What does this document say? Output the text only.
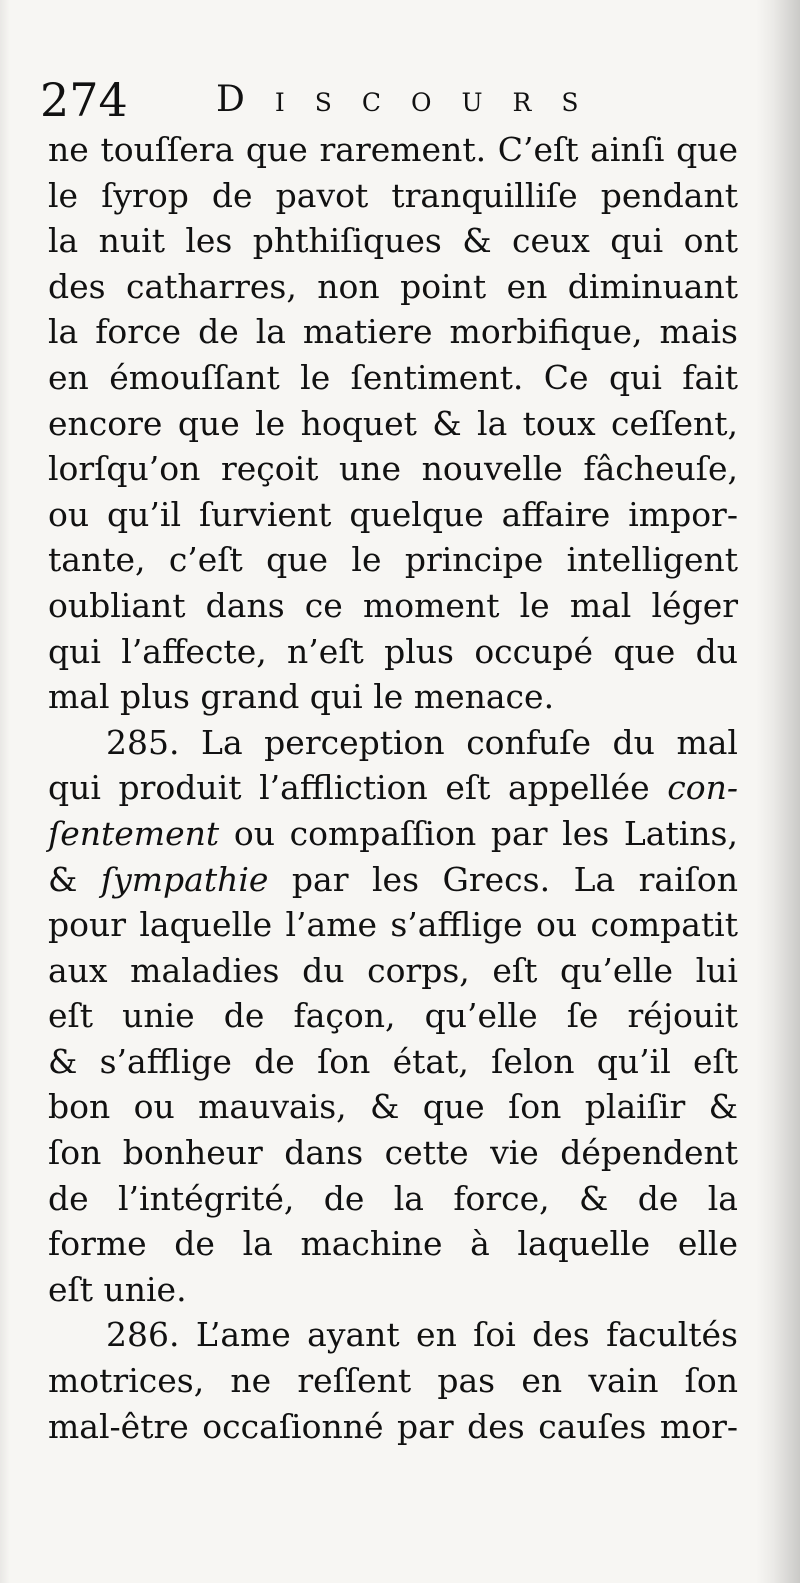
274 Discours
ne touſſera que rarement. C’eſt ainſi que
le ſyrop de pavot tranquilliſe pendant
la nuit les phthiſiques & ceux qui ont
des catharres, non point en diminuant
la force de la matiere morbifique, mais
en émouſſant le ſentiment. Ce qui fait
encore que le hoquet & la toux ceſſent,
lorſqu’on reçoit une nouvelle fâcheuſe,
ou qu’il ſurvient quelque affaire impor-
tante, c’eſt que le principe intelligent
oubliant dans ce moment le mal léger
qui l’affecte, n’eſt plus occupé que du
mal plus grand qui le menace.
285. La perception confuſe du mal
qui produit l’affliction eſt appellée con-
ſentement ou compaſſion par les Latins,
& ſympathie par les Grecs. La raiſon
pour laquelle l’ame s’afflige ou compatit
aux maladies du corps, eſt qu’elle lui
eſt unie de façon, qu’elle ſe réjouit
& s’afflige de ſon état, ſelon qu’il eſt
bon ou mauvais, & que ſon plaiſir &
ſon bonheur dans cette vie dépendent
de l’intégrité, de la force, & de la
forme de la machine à laquelle elle
eſt unie.
286. L’ame ayant en ſoi des facultés
motrices, ne reſſent pas en vain ſon
mal-être occaſionné par des cauſes mor-
